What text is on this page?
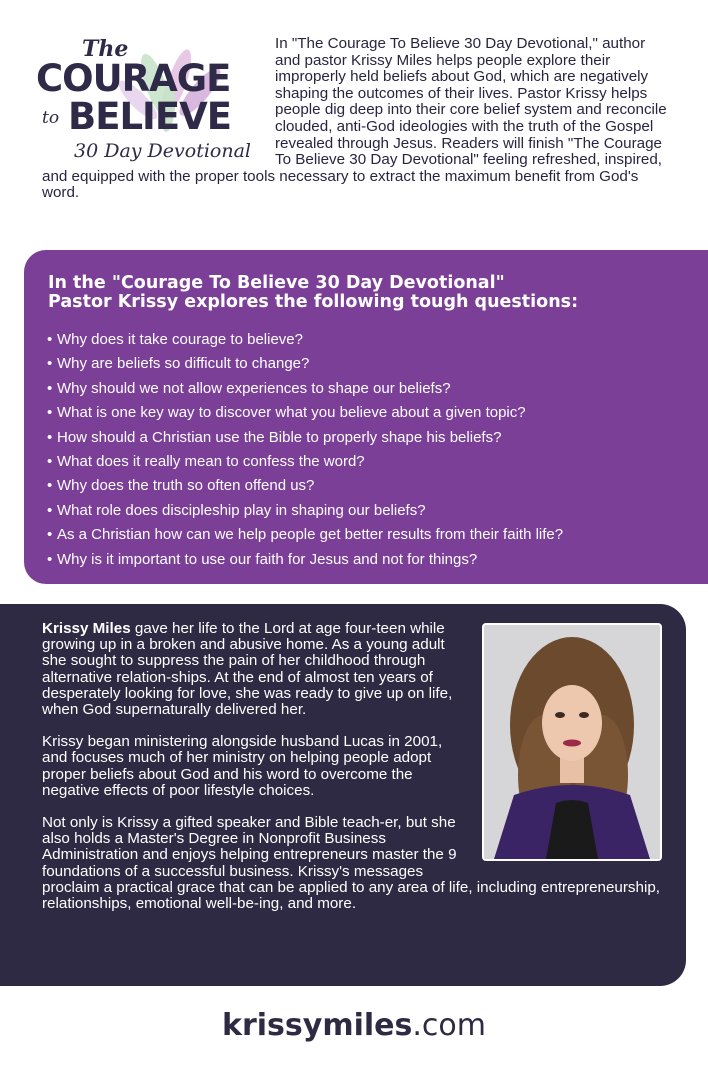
The
COURAGE
to BELIEVE
30 Day Devotional

In "The Courage To Believe 30 Day Devotional," author and pastor Krissy Miles helps people explore their improperly held beliefs about God, which are negatively shaping the outcomes of their lives. Pastor Krissy helps people dig deep into their core belief system and reconcile clouded, anti-God ideologies with the truth of the Gospel revealed through Jesus. Readers will finish "The Courage To Believe 30 Day Devotional" feeling refreshed, inspired, and equipped with the proper tools necessary to extract the maximum benefit from God's word.

In the "Courage To Believe 30 Day Devotional"
Pastor Krissy explores the following tough questions:
• Why does it take courage to believe?
• Why are beliefs so difficult to change?
• Why should we not allow experiences to shape our beliefs?
• What is one key way to discover what you believe about a given topic?
• How should a Christian use the Bible to properly shape his beliefs?
• What does it really mean to confess the word?
• Why does the truth so often offend us?
• What role does discipleship play in shaping our beliefs?
• As a Christian how can we help people get better results from their faith life?
• Why is it important to use our faith for Jesus and not for things?

Krissy Miles gave her life to the Lord at age four-teen while growing up in a broken and abusive home. As a young adult she sought to suppress the pain of her childhood through alternative relation-ships. At the end of almost ten years of desperately looking for love, she was ready to give up on life, when God supernaturally delivered her.

Krissy began ministering alongside husband Lucas in 2001, and focuses much of her ministry on helping people adopt proper beliefs about God and his word to overcome the negative effects of poor lifestyle choices.

Not only is Krissy a gifted speaker and Bible teach-er, but she also holds a Master's Degree in Nonprofit Business Administration and enjoys helping entrepreneurs master the 9 foundations of a successful business. Krissy's messages proclaim a practical grace that can be applied to any area of life, including entrepreneurship, relationships, emotional well-be-ing, and more.

krissymiles.com
